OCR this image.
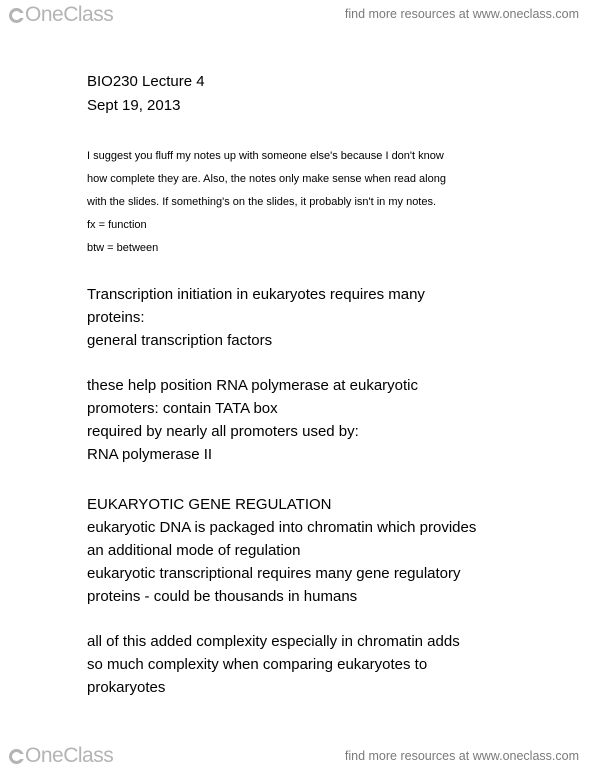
OneClass	find more resources at www.oneclass.com
BIO230 Lecture 4
Sept 19, 2013
I suggest you fluff my notes up with someone else's because I don't know
how complete they are. Also, the notes only make sense when read along
with the slides. If something's on the slides, it probably isn't in my notes.
fx = function
btw = between
Transcription initiation in eukaryotes requires many
proteins:
general transcription factors
these help position RNA polymerase at eukaryotic
promoters: contain TATA box
required by nearly all promoters used by:
RNA polymerase II
EUKARYOTIC GENE REGULATION
eukaryotic DNA is packaged into chromatin which provides
an additional mode of regulation
eukaryotic transcriptional requires many gene regulatory
proteins - could be thousands in humans
all of this added complexity especially in chromatin adds
so much complexity when comparing eukaryotes to
prokaryotes
OneClass	find more resources at www.oneclass.com
